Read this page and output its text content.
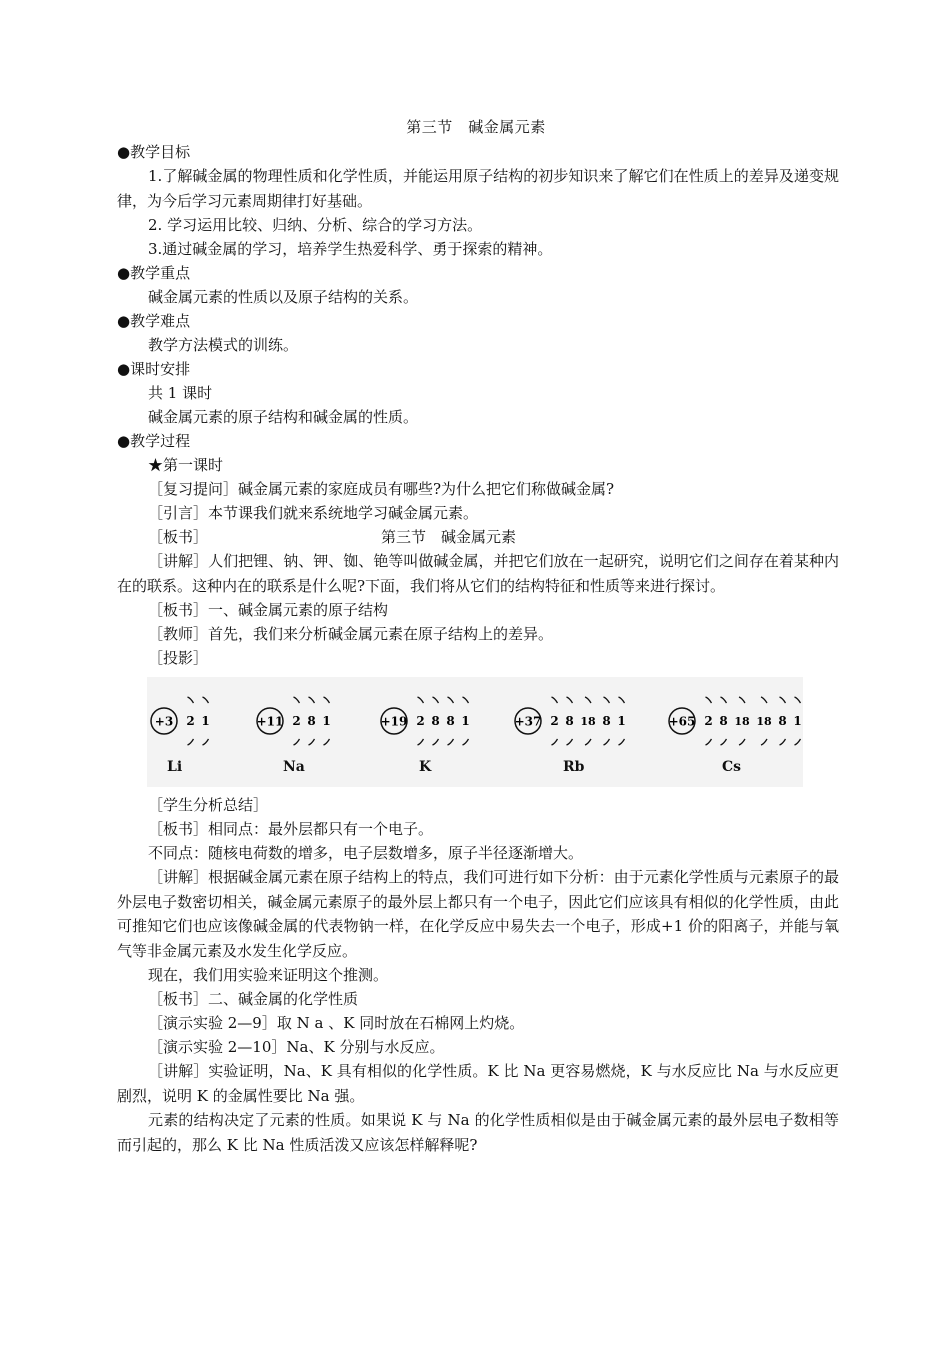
第三节　碱金属元素
●教学目标
1.了解碱金属的物理性质和化学性质，并能运用原子结构的初步知识来了解它们在性质上的差异及递变规律，为今后学习元素周期律打好基础。
2. 学习运用比较、归纳、分析、综合的学习方法。
3.通过碱金属的学习，培养学生热爱科学、勇于探索的精神。
●教学重点
碱金属元素的性质以及原子结构的关系。
●教学难点
教学方法模式的训练。
●课时安排
共 1 课时
碱金属元素的原子结构和碱金属的性质。
●教学过程
★第一课时
［复习提问］碱金属元素的家庭成员有哪些?为什么把它们称做碱金属?
［引言］本节课我们就来系统地学习碱金属元素。
［板书］	第三节　碱金属元素
［讲解］人们把锂、钠、钾、铷、铯等叫做碱金属，并把它们放在一起研究，说明它们之间存在着某种内在的联系。这种内在的联系是什么呢?下面，我们将从它们的结构特征和性质等来进行探讨。
［板书］一、碱金属元素的原子结构
［教师］首先，我们来分析碱金属元素在原子结构上的差异。
［投影］
+3 2 1
Li
+11 2 8 1
Na
+19 2 8 8 1
K
+37 2 8 18 8 1
Rb
+65 2 8 18 18 8 1
Cs
［学生分析总结］
［板书］相同点：最外层都只有一个电子。
不同点：随核电荷数的增多，电子层数增多，原子半径逐渐增大。
［讲解］根据碱金属元素在原子结构上的特点，我们可进行如下分析：由于元素化学性质与元素原子的最外层电子数密切相关，碱金属元素原子的最外层上都只有一个电子，因此它们应该具有相似的化学性质，由此可推知它们也应该像碱金属的代表物钠一样，在化学反应中易失去一个电子，形成+1 价的阳离子，并能与氧气等非金属元素及水发生化学反应。
现在，我们用实验来证明这个推测。
［板书］二、碱金属的化学性质
［演示实验 2—9］取 N a 、K 同时放在石棉网上灼烧。
［演示实验 2—10］Na、K 分别与水反应。
［讲解］实验证明，Na、K 具有相似的化学性质。K 比 Na 更容易燃烧，K 与水反应比 Na 与水反应更剧烈，说明 K 的金属性要比 Na 强。
元素的结构决定了元素的性质。如果说 K 与 Na 的化学性质相似是由于碱金属元素的最外层电子数相等而引起的，那么 K 比 Na 性质活泼又应该怎样解释呢?
